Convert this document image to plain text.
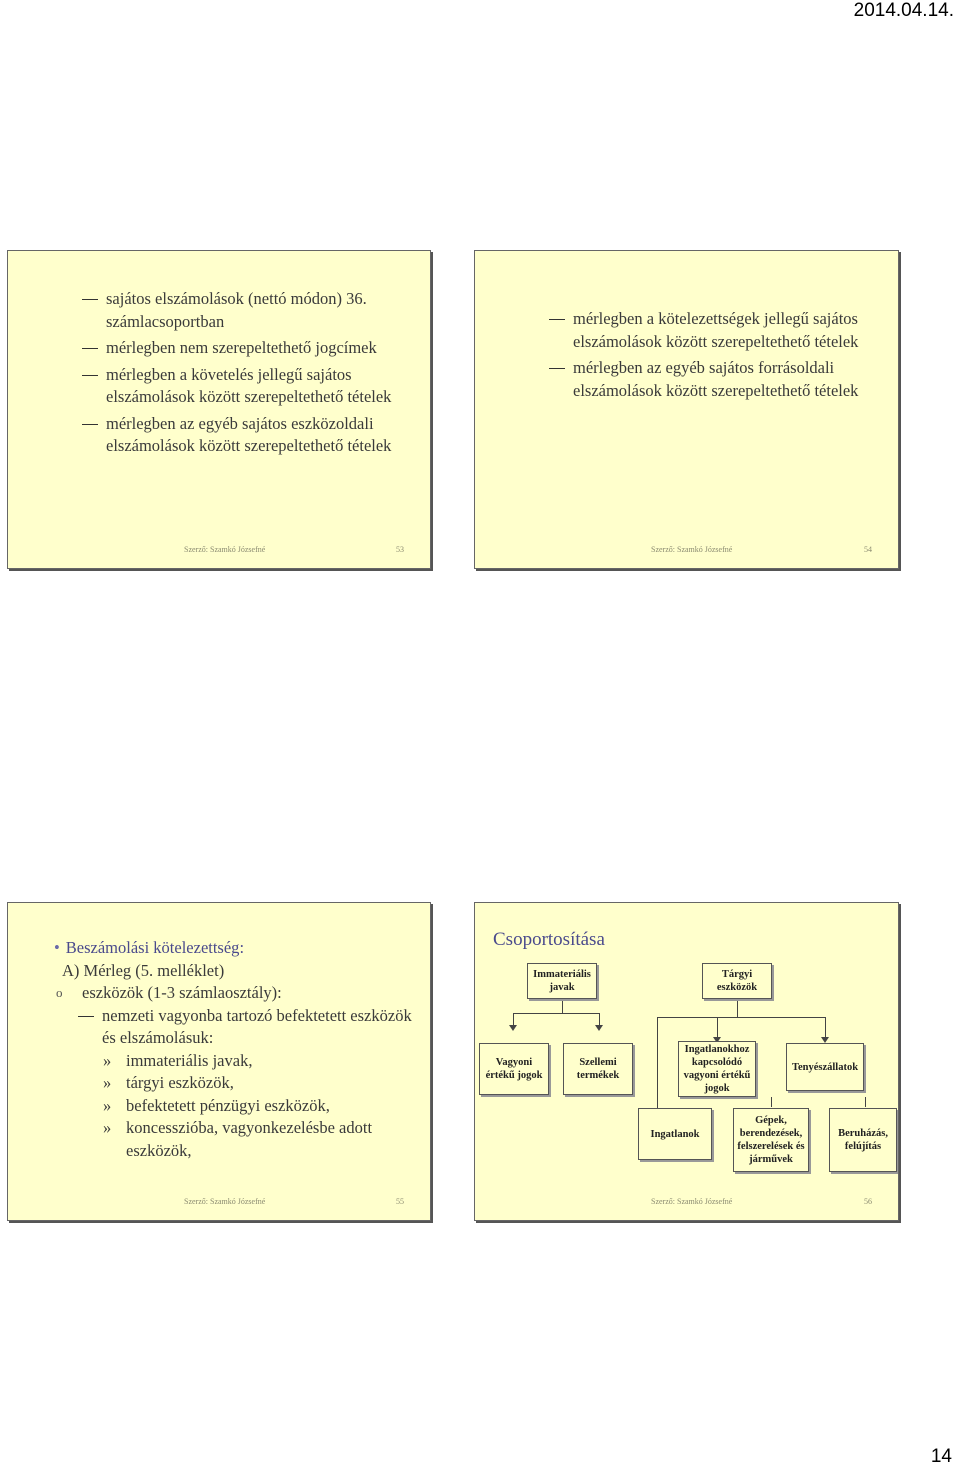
2014.04.14.
sajátos elszámolások (nettó módon) 36. számlacsoportban
mérlegben nem szerepeltethető jogcímek
mérlegben a követelés jellegű sajátos elszámolások között szerepeltethető tételek
mérlegben az egyéb sajátos eszközoldali elszámolások között szerepeltethető tételek
Szerző: Szamkó Józsefné	53
mérlegben a kötelezettségek jellegű sajátos elszámolások között szerepeltethető tételek
mérlegben az egyéb sajátos forrásoldali elszámolások között szerepeltethető tételek
Szerző: Szamkó Józsefné	54
• Beszámolási kötelezettség:
A) Mérleg (5. melléklet)
o eszközök (1-3 számlaosztály):
nemzeti vagyonba tartozó befektetett eszközök és elszámolásuk:
» immateriális javak,
» tárgyi eszközök,
» befektetett pénzügyi eszközök,
» koncesszióba, vagyonkezelésbe adott eszközök,
Szerző: Szamkó Józsefné	55
Csoportosítása
Immateriális javak
Tárgyi eszközök
Vagyoni értékű jogok
Szellemi termékek
Ingatlanokhoz kapcsolódó vagyoni értékű jogok
Tenyészállatok
Ingatlanok
Gépek, berendezések, felszerelések és járművek
Beruházás, felújítás
Szerző: Szamkó Józsefné	56
14
